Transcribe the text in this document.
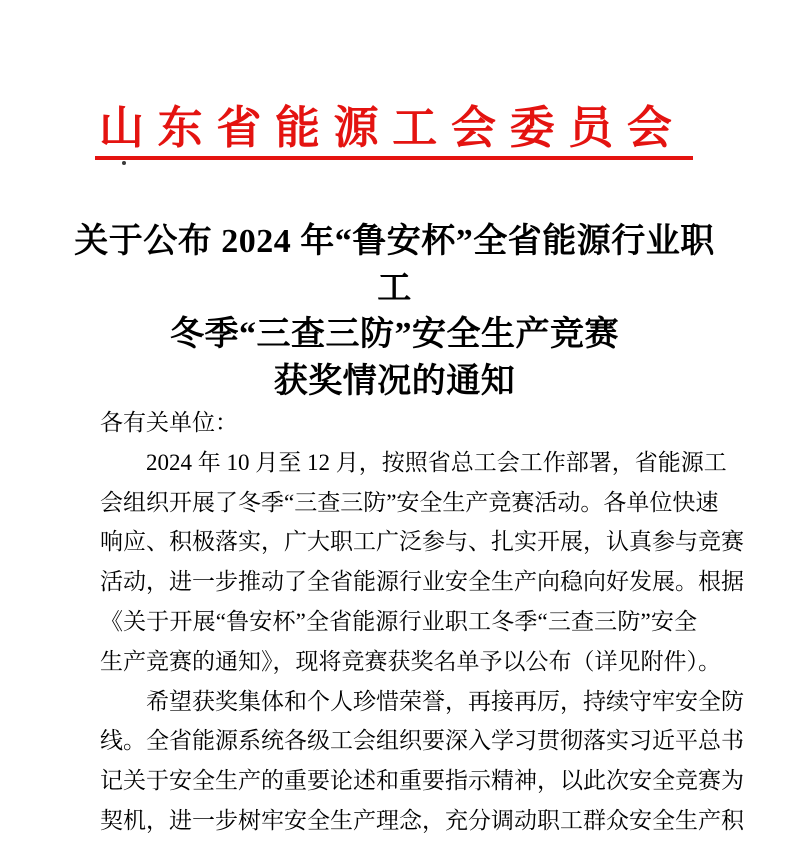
山 东 省 能 源 工 会 委 员 会
关于公布 2024 年“鲁安杯”全省能源行业职工
冬季“三查三防”安全生产竞赛
获奖情况的通知
各有关单位：
2024 年 10 月至 12 月，按照省总工会工作部署，省能源工
会组织开展了冬季“三查三防”安全生产竞赛活动。各单位快速
响应、积极落实，广大职工广泛参与、扎实开展，认真参与竞赛
活动，进一步推动了全省能源行业安全生产向稳向好发展。根据
《关于开展“鲁安杯”全省能源行业职工冬季“三查三防”安全
生产竞赛的通知》，现将竞赛获奖名单予以公布（详见附件）。
希望获奖集体和个人珍惜荣誉，再接再厉，持续守牢安全防
线。全省能源系统各级工会组织要深入学习贯彻落实习近平总书
记关于安全生产的重要论述和重要指示精神，以此次安全竞赛为
契机，进一步树牢安全生产理念，充分调动职工群众安全生产积
